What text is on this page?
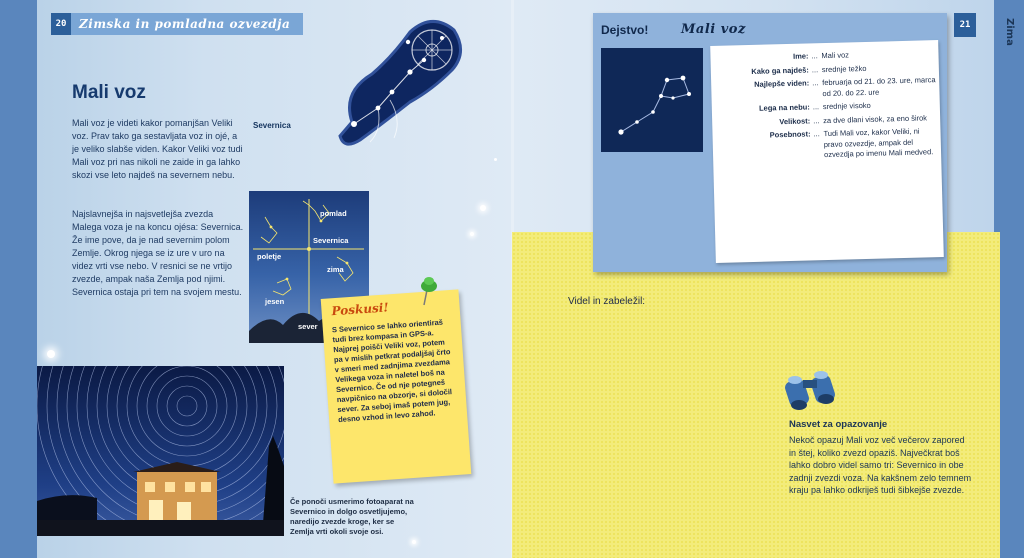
20	Zimska in pomladna ozvezdja
Mali voz

Mali voz je videti kakor pomanjšan Veliki voz. Prav tako ga sestavljata voz in ojé, a je veliko slabše viden. Kakor Veliki voz tudi Mali voz pri nas nikoli ne zaide in ga lahko skozi vse leto najdeš na severnem nebu.

Najslavnejša in najsvetlejša zvezda Malega voza je na koncu ojésa: Severnica. Že ime pove, da je nad severnim polom Zemlje. Okrog njega se iz ure v uro na videz vrti vse nebo. V resnici se ne vrtijo zvezde, ampak naša Zemlja pod njimi. Severnica ostaja pri tem na svojem mestu.

Severnica
pomlad
Severnica
poletje
zima
jesen
sever

Če ponoči usmerimo fotoaparat na Severnico in dolgo osvetljujemo, naredijo zvezde kroge, ker se Zemlja vrti okoli svoje osi.

Poskusi!

S Severnico se lahko orientiraš tudi brez kompasa in GPS-a. Najprej poišči Veliki voz, potem pa v mislih petkrat podaljšaj črto v smeri med zadnjima zvezdama Velikega voza in naletel boš na Severnico. Če od nje potegneš navpičnico na obzorje, si določil sever. Za seboj imaš potem jug, desno vzhod in levo zahod.

21	Zima
Videl in zabeležil:
Nasvet za opazovanje

Nekoč opazuj Mali voz več večerov zapored in štej, koliko zvezd opaziš. Največkrat boš lahko dobro videl samo tri: Severnico in obe zadnji zvezdi voza. Na kakšnem zelo temnem kraju pa lahko odkriješ tudi šibkejše zvezde.

Dejstvo!	Mali voz
Ime: ... Mali voz
Kako ga najdeš: ... srednje težko
Najlepše viden: ... februarja od 21. do 23. ure, marca od 20. do 22. ure
Lega na nebu: ... srednje visoko
Velikost: ... za dve dlani visok, za eno širok
Posebnost: ... Tudi Mali voz, kakor Veliki, ni pravo ozvezdje, ampak del ozvezdja po imenu Mali medved.
